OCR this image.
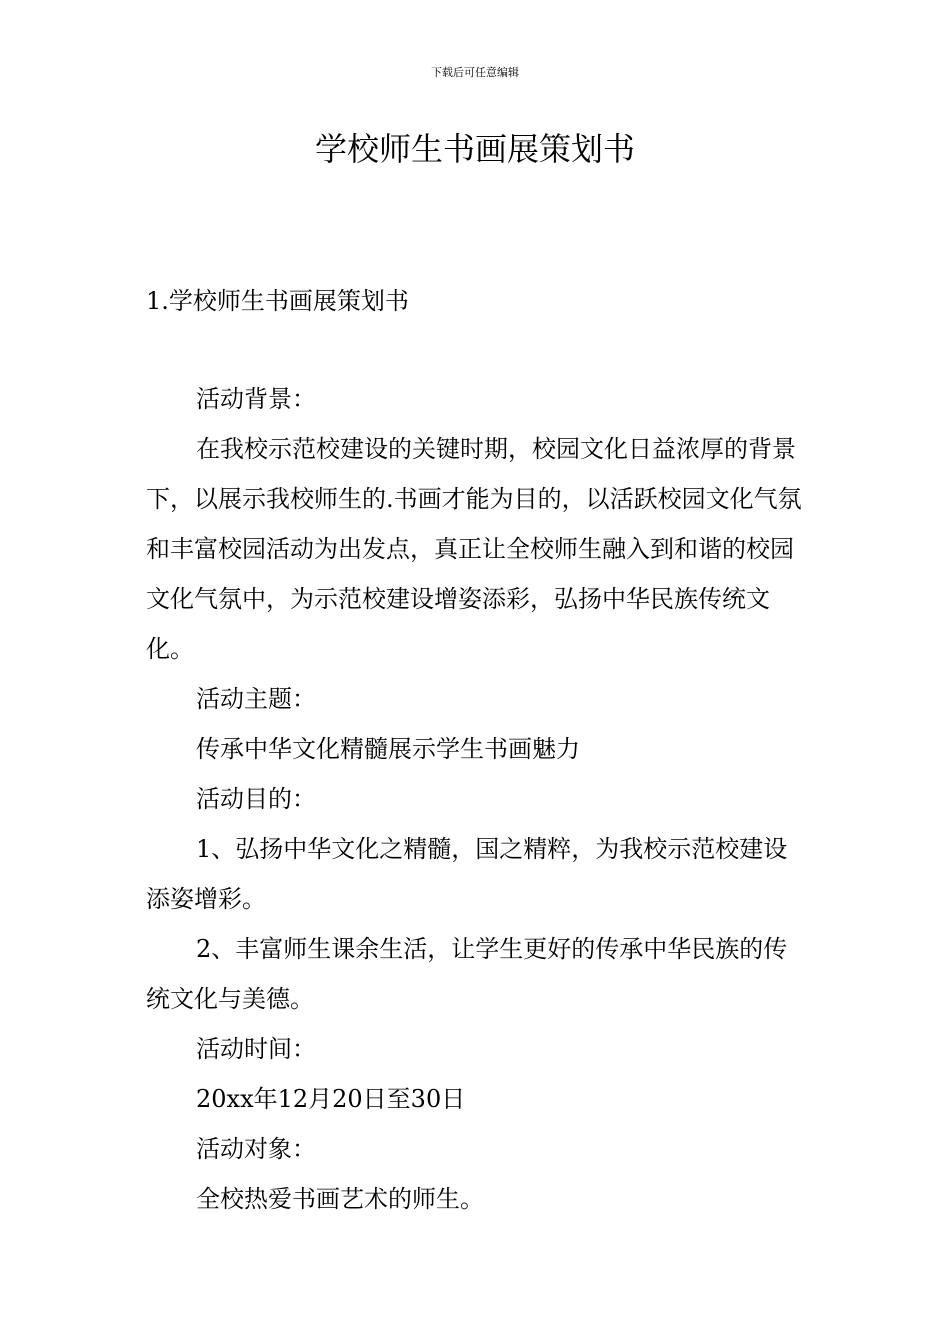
下载后可任意编辑
学校师生书画展策划书

1.学校师生书画展策划书

活动背景：

在我校示范校建设的关键时期，校园文化日益浓厚的背景下，以展示我校师生的.书画才能为目的，以活跃校园文化气氛和丰富校园活动为出发点，真正让全校师生融入到和谐的校园文化气氛中，为示范校建设增姿添彩，弘扬中华民族传统文化。

活动主题：

传承中华文化精髓展示学生书画魅力

活动目的：

1、弘扬中华文化之精髓，国之精粹，为我校示范校建设添姿增彩。

2、丰富师生课余生活，让学生更好的传承中华民族的传统文化与美德。

活动时间：

20xx年12月20日至30日

活动对象：

全校热爱书画艺术的师生。
